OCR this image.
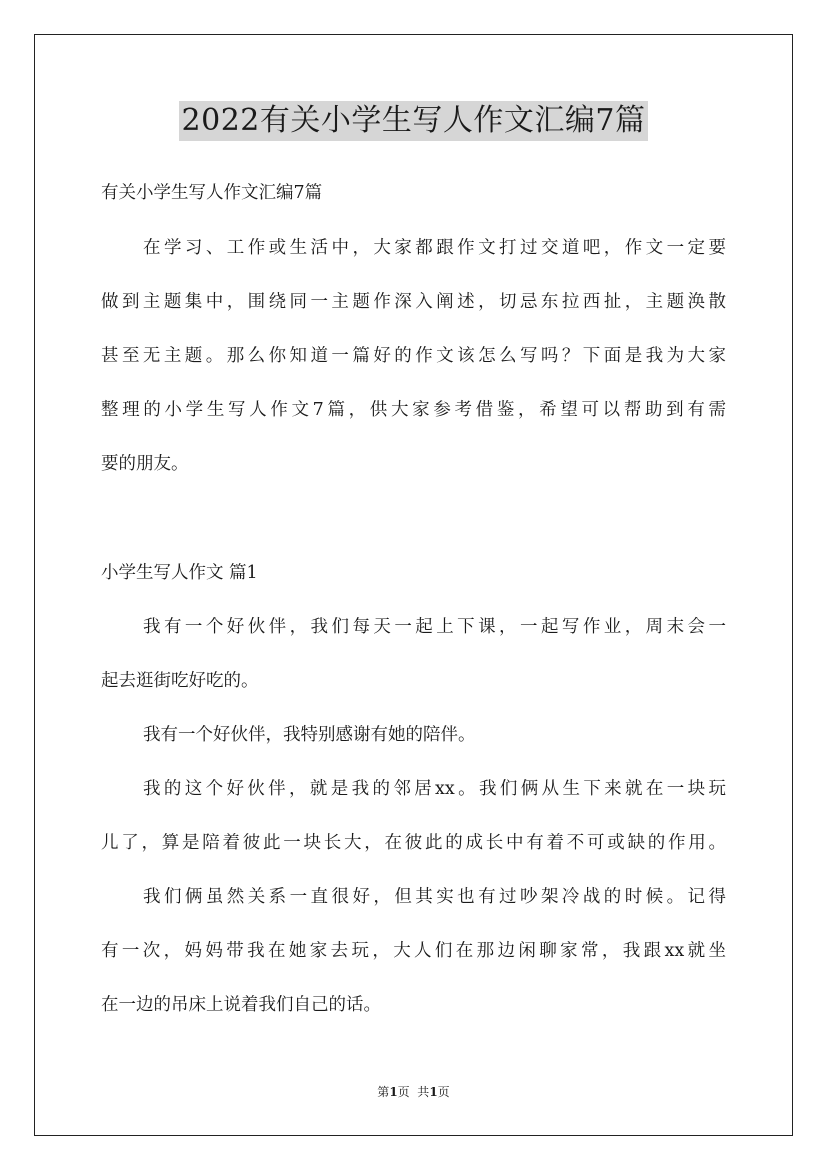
2022有关小学生写人作文汇编7篇

有关小学生写人作文汇编7篇

在学习、工作或生活中，大家都跟作文打过交道吧，作文一定要

做到主题集中，围绕同一主题作深入阐述，切忌东拉西扯，主题涣散

甚至无主题。那么你知道一篇好的作文该怎么写吗？下面是我为大家

整理的小学生写人作文7篇，供大家参考借鉴，希望可以帮助到有需

要的朋友。

小学生写人作文 篇1

我有一个好伙伴，我们每天一起上下课，一起写作业，周末会一

起去逛街吃好吃的。

我有一个好伙伴，我特别感谢有她的陪伴。

我的这个好伙伴，就是我的邻居xx。我们俩从生下来就在一块玩

儿了，算是陪着彼此一块长大，在彼此的成长中有着不可或缺的作用。

我们俩虽然关系一直很好，但其实也有过吵架冷战的时候。记得

有一次，妈妈带我在她家去玩，大人们在那边闲聊家常，我跟xx就坐

在一边的吊床上说着我们自己的话。

第1页  共1页
